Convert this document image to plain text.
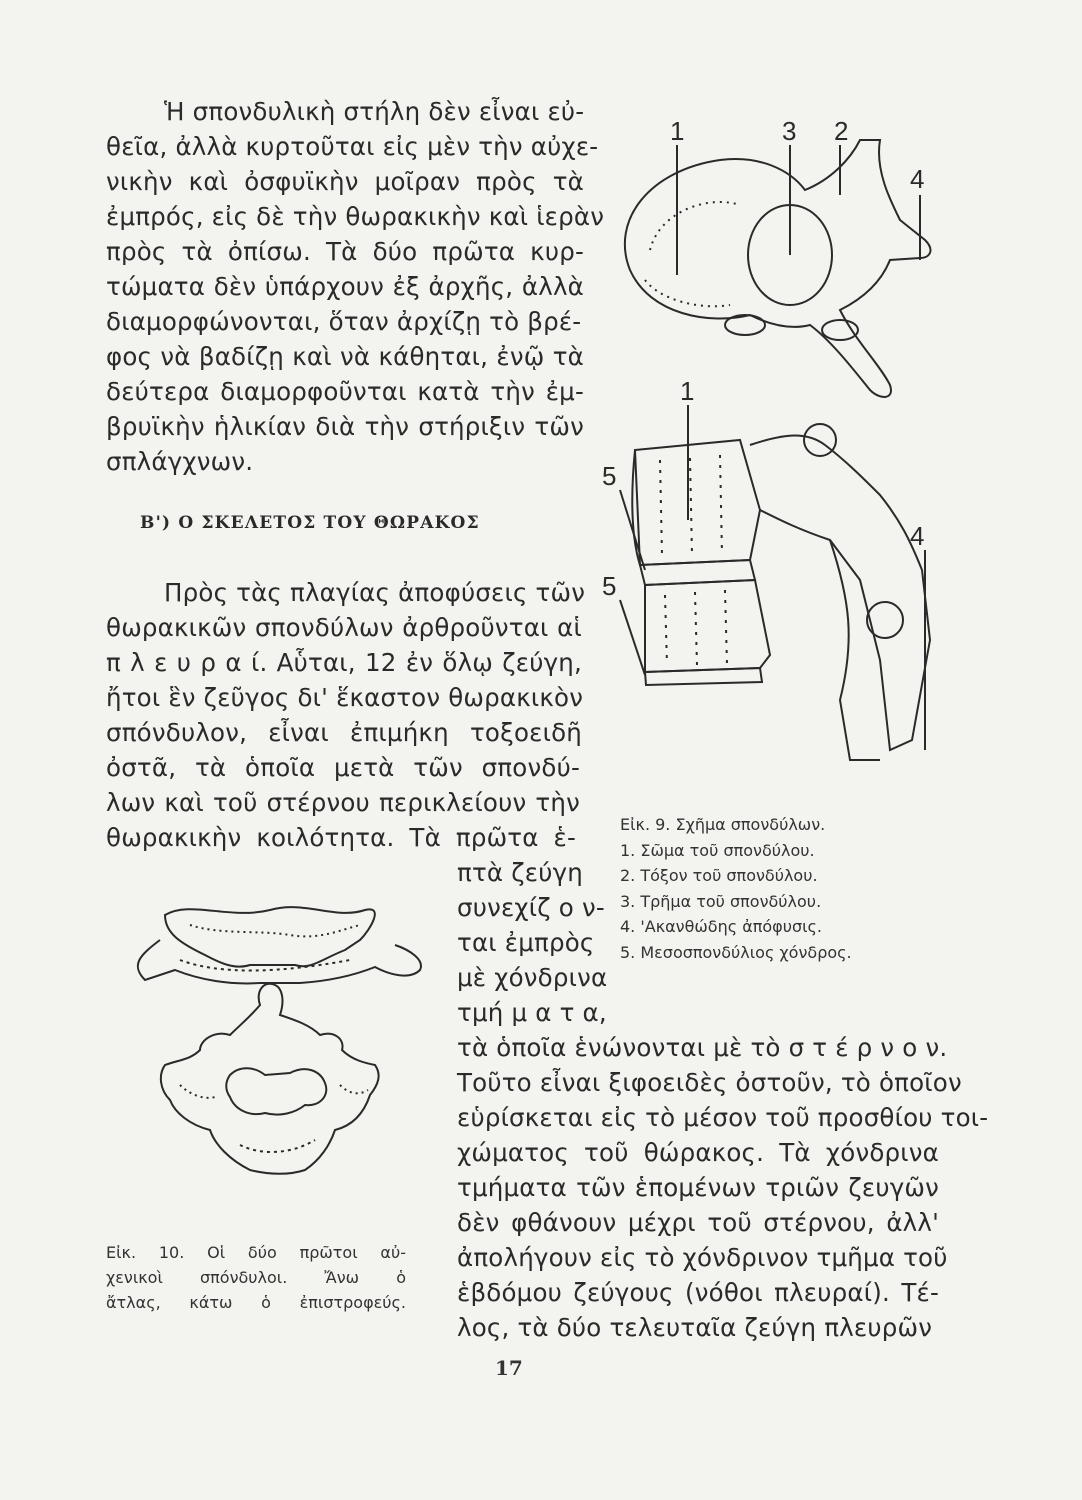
Ἡ σπονδυλικὴ στήλη δὲν εἶναι εὐ-
θεῖα, ἀλλὰ κυρτοῦται εἰς μὲν τὴν αὐχε-
νικὴν καὶ ὀσφυϊκὴν μοῖραν πρὸς τὰ
ἐμπρός, εἰς δὲ τὴν θωρακικὴν καὶ ἱερὰν
πρὸς τὰ ὀπίσω. Τὰ δύο πρῶτα κυρ-
τώματα δὲν ὑπάρχουν ἐξ ἀρχῆς, ἀλλὰ
διαμορφώνονται, ὅταν ἀρχίζῃ τὸ βρέ-
φος νὰ βαδίζῃ καὶ νὰ κάθηται, ἐνῷ τὰ
δεύτερα διαμορφοῦνται κατὰ τὴν ἐμ-
βρυϊκὴν ἡλικίαν διὰ τὴν στήριξιν τῶν
σπλάγχνων.
Β') Ο ΣΚΕΛΕΤΟΣ ΤΟΥ ΘΩΡΑΚΟΣ
Πρὸς τὰς πλαγίας ἀποφύσεις τῶν
θωρακικῶν σπονδύλων ἀρθροῦνται αἱ
π λ ε υ ρ α ί. Αὗται, 12 ἐν ὅλῳ ζεύγη,
ἤτοι ἓν ζεῦγος δι' ἕκαστον θωρακικὸν
σπόνδυλον, εἶναι ἐπιμήκη τοξοειδῆ
ὀστᾶ, τὰ ὁποῖα μετὰ τῶν σπονδύ-
λων καὶ τοῦ στέρνου περικλείουν τὴν
θωρακικὴν κοιλότητα. Τὰ πρῶτα ἑ-
πτὰ ζεύγη
συνεχίζ ο ν-
ται ἐμπρὸς
μὲ χόνδρινα
τμή μ α τ α,
τὰ ὁποῖα ἑνώνονται μὲ τὸ σ τ έ ρ ν ο ν.
Τοῦτο εἶναι ξιφοειδὲς ὀστοῦν, τὸ ὁποῖον
εὑρίσκεται εἰς τὸ μέσον τοῦ προσθίου τοι-
χώματος τοῦ θώρακος. Τὰ χόνδρινα
τμήματα τῶν ἑπομένων τριῶν ζευγῶν
δὲν φθάνουν μέχρι τοῦ στέρνου, ἀλλ'
ἀπολήγουν εἰς τὸ χόνδρινον τμῆμα τοῦ
ἑβδόμου ζεύγους (νόθοι πλευραί). Τέ-
λος, τὰ δύο τελευταῖα ζεύγη πλευρῶν
1	3 2
4
1
5
5
4
Εἰκ. 9. Σχῆμα σπονδύλων.
1. Σῶμα τοῦ σπονδύλου.
2. Τόξον τοῦ σπονδύλου.
3. Τρῆμα τοῦ σπονδύλου.
4. 'Ακανθώδης ἀπόφυσις.
5. Μεσοσπονδύλιος χόνδρος.
Εἰκ. 10. Οἱ δύο πρῶτοι αὐ-
χενικοὶ σπόνδυλοι. Ἄνω ὁ
ἄτλας, κάτω ὁ ἐπιστροφεύς.
17
